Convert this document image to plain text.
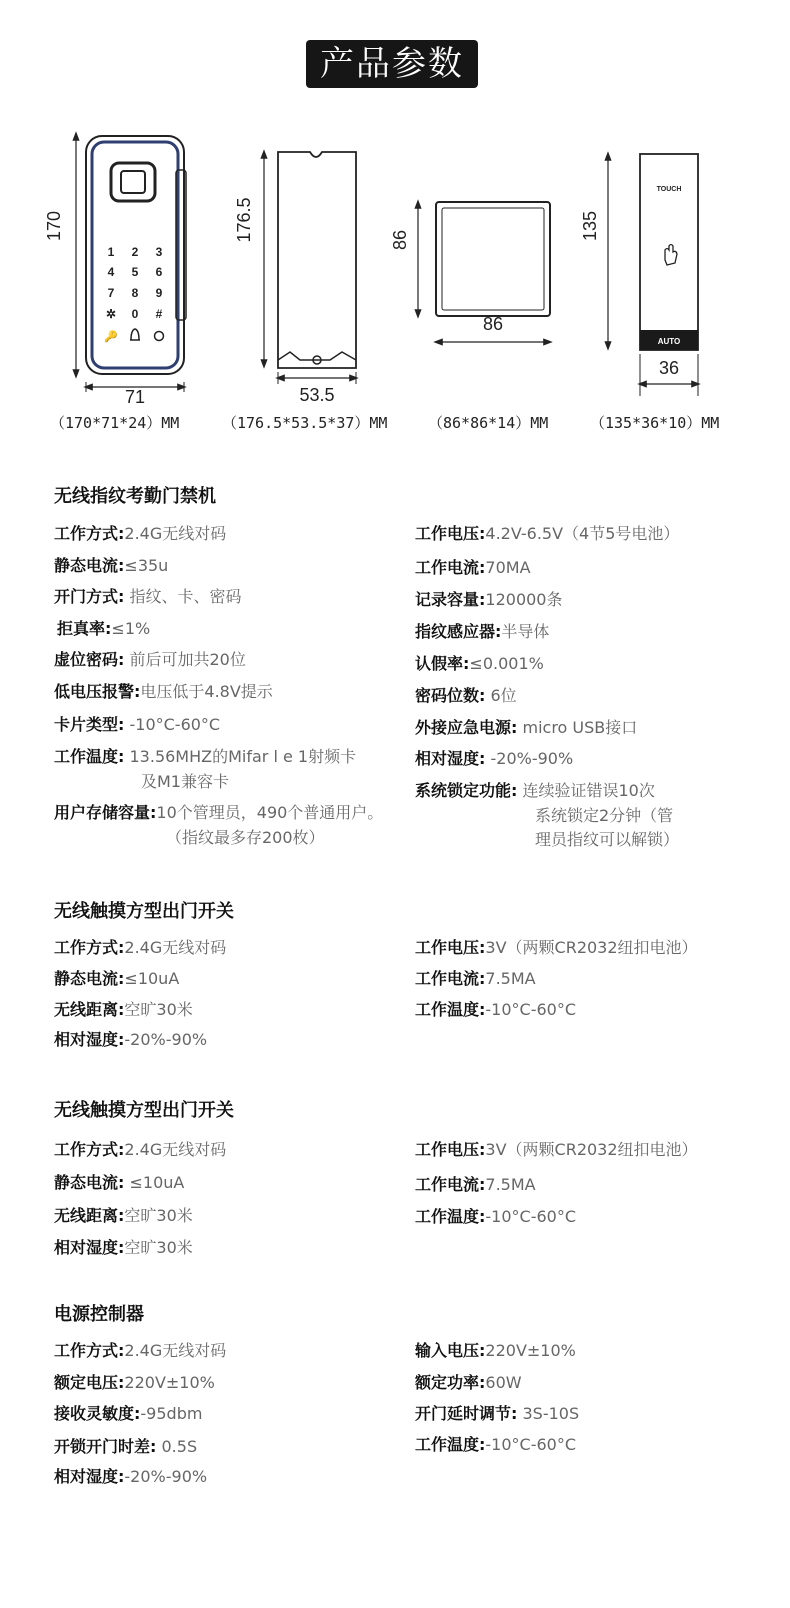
产品参数
170
1 2 3
4 5 6
7 8 9
✲ 0 #
🔑
71
176.5
53.5
86
86
135
TOUCH
AUTO
36
（170*71*24）MM	（176.5*53.5*37）MM	（86*86*14）MM	（135*36*10）MM
无线指纹考勤门禁机
工作方式:2.4G无线对码
静态电流:≤35u
开门方式: 指纹、卡、密码
拒真率:≤1%
虚位密码: 前后可加共20位
低电压报警:电压低于4.8V提示
卡片类型: -10°C-60°C
工作温度: 13.56MHZ的Mifar l e 1射频卡
及M1兼容卡
用户存储容量:10个管理员，490个普通用户。
（指纹最多存200枚）
工作电压:4.2V-6.5V（4节5号电池）
工作电流:70MA
记录容量:120000条
指纹感应器:半导体
认假率:≤0.001%
密码位数: 6位
外接应急电源: micro USB接口
相对湿度: -20%-90%
系统锁定功能: 连续验证错误10次
系统锁定2分钟（管
理员指纹可以解锁）
无线触摸方型出门开关
工作方式:2.4G无线对码
静态电流:≤10uA
无线距离:空旷30米
相对湿度:-20%-90%
工作电压:3V（两颗CR2032纽扣电池）
工作电流:7.5MA
工作温度:-10°C-60°C
无线触摸方型出门开关
工作方式:2.4G无线对码
静态电流: ≤10uA
无线距离:空旷30米
相对湿度:空旷30米
工作电压:3V（两颗CR2032纽扣电池）
工作电流:7.5MA
工作温度:-10°C-60°C
电源控制器
工作方式:2.4G无线对码
额定电压:220V±10%
接收灵敏度:-95dbm
开锁开门时差: 0.5S
相对湿度:-20%-90%
输入电压:220V±10%
额定功率:60W
开门延时调节: 3S-10S
工作温度:-10°C-60°C
